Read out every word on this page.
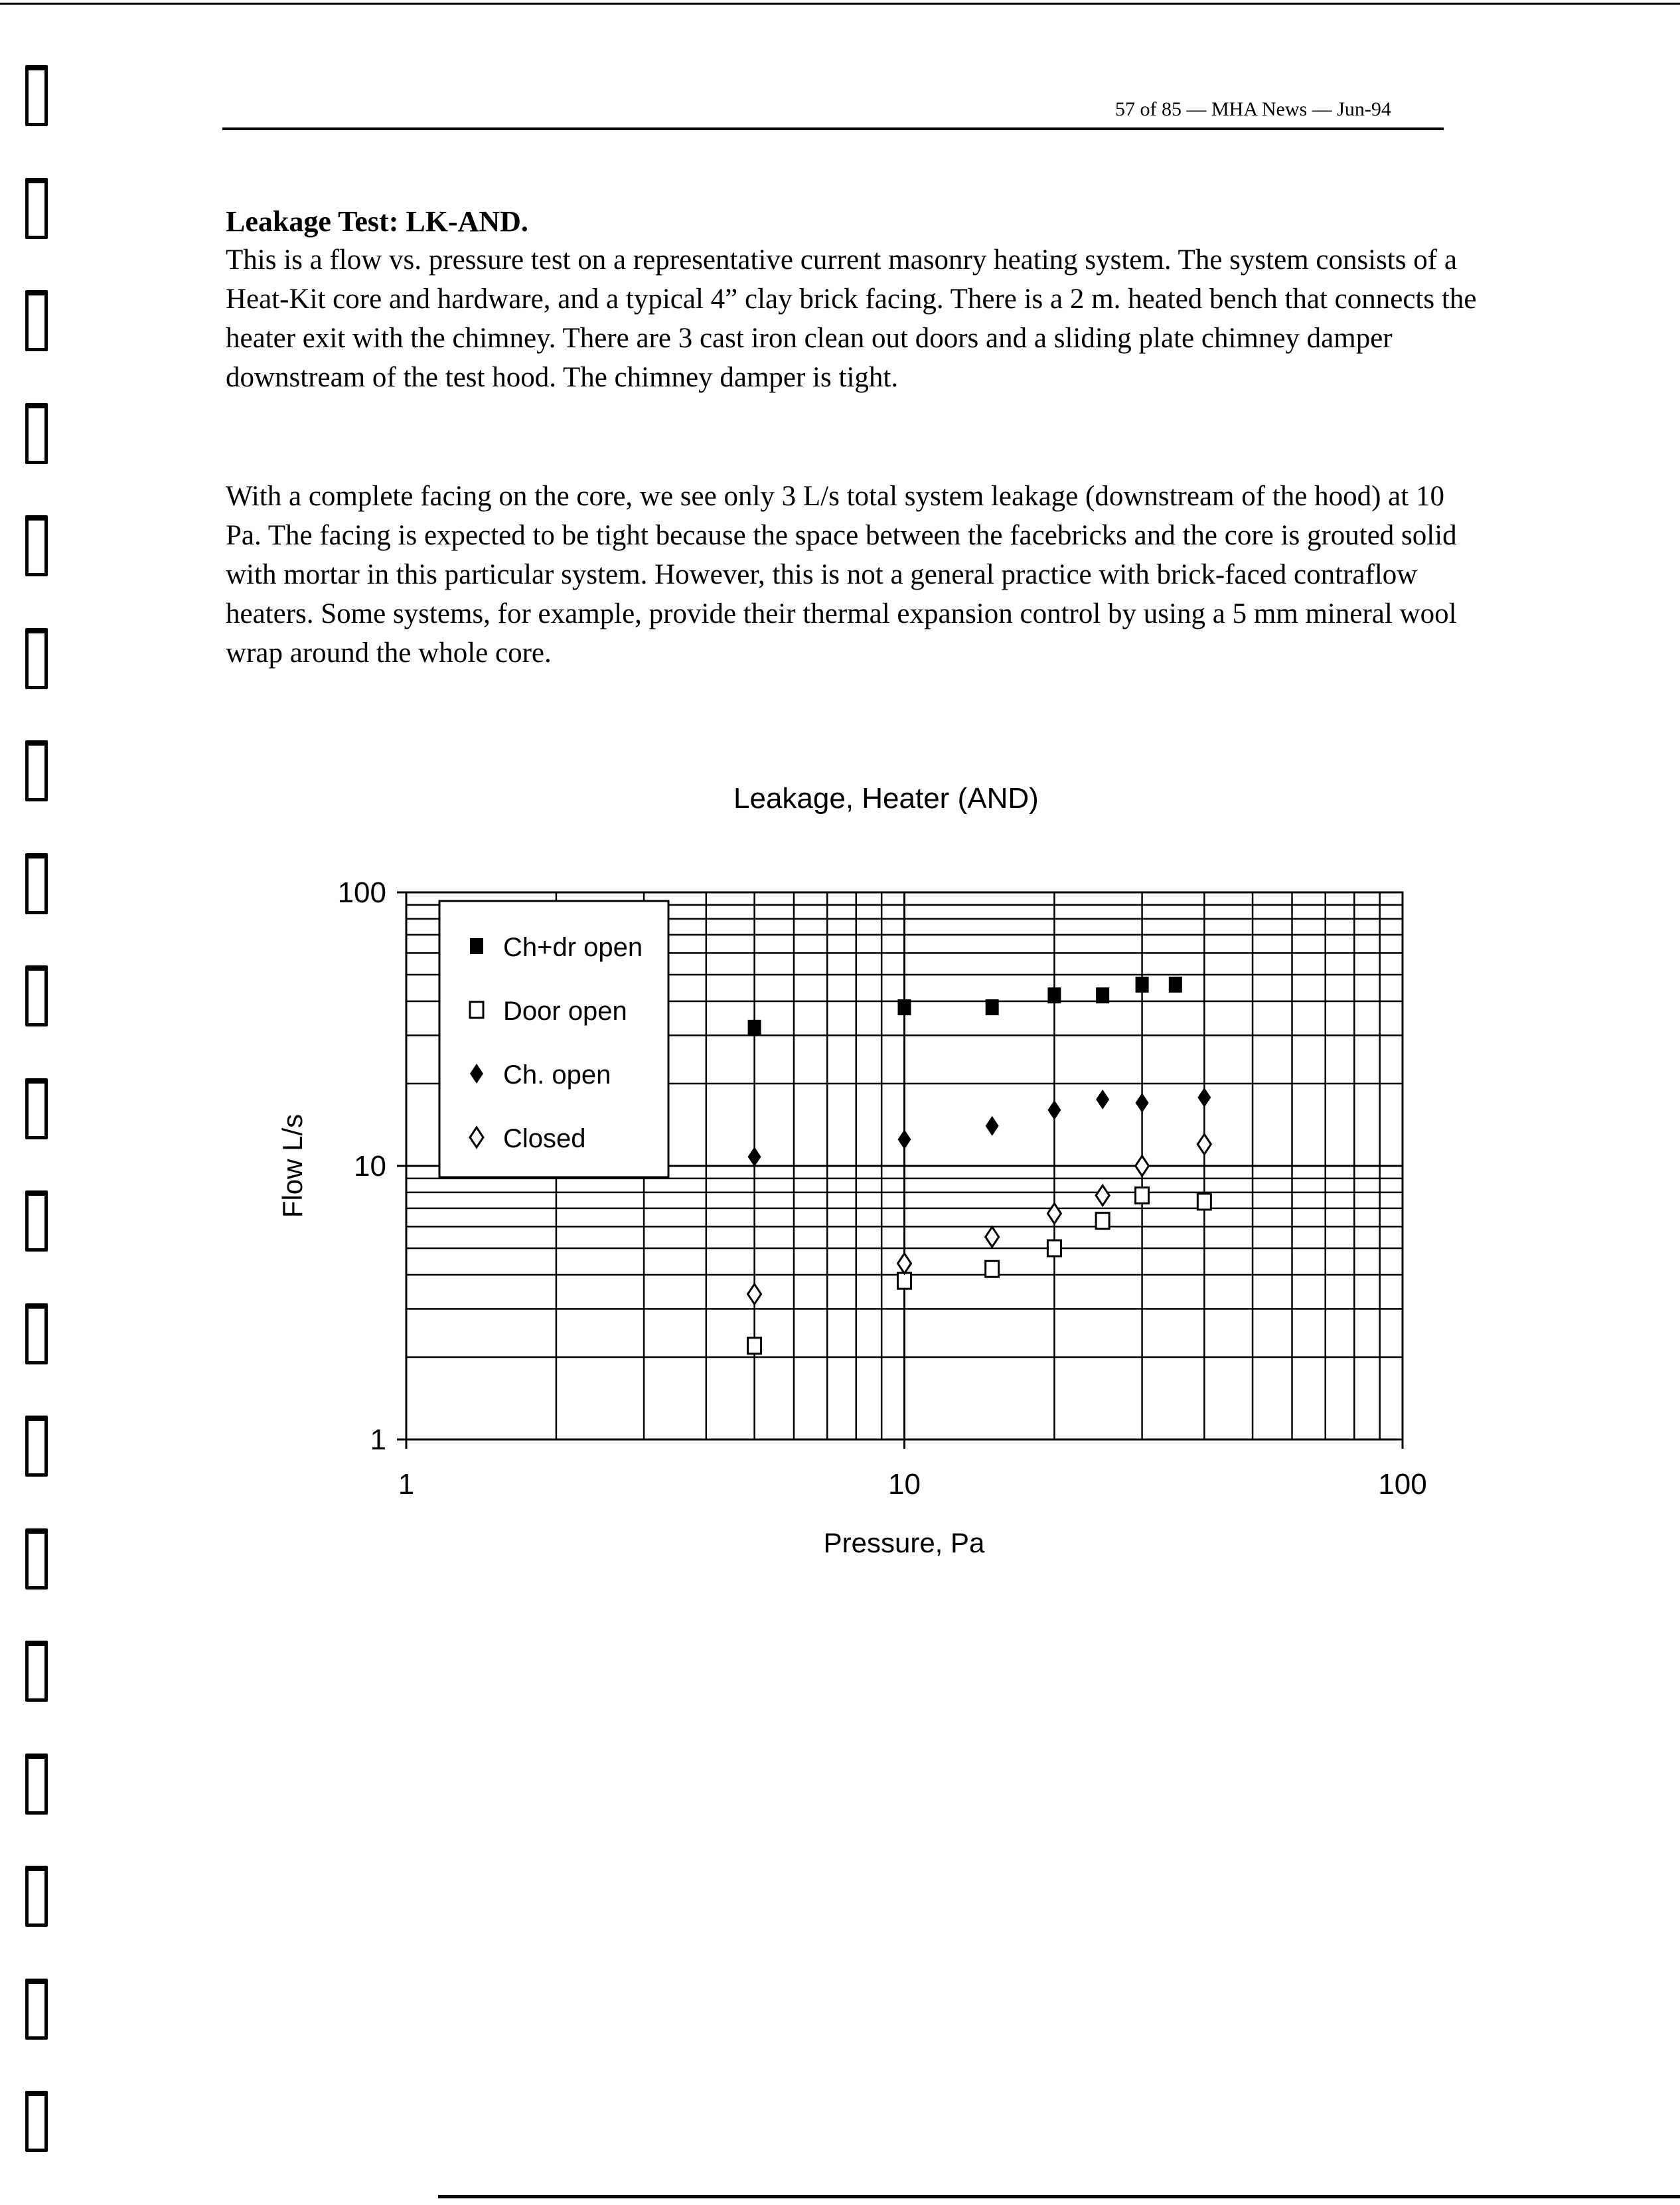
57 of 85 — MHA News — Jun-94
Leakage Test: LK-AND.
This is a flow vs. pressure test on a representative current masonry heating system. The system consists of a Heat-Kit core and hardware, and a typical 4” clay brick facing. There is a 2 m. heated bench that connects the heater exit with the chimney. There are 3 cast iron clean out doors and a sliding plate chimney damper downstream of the test hood. The chimney damper is tight.
With a complete facing on the core, we see only 3 L/s total system leakage (downstream of the hood) at 10 Pa. The facing is expected to be tight because the space between the facebricks and the core is grouted solid with mortar in this particular system. However, this is not a general practice with brick-faced contraflow heaters. Some systems, for example, provide their thermal expansion control by using a 5 mm mineral wool wrap around the whole core.
Leakage, Heater (AND)
Ch+dr open
Door open
Ch. open
Closed
1	10	100
1
10
100
Pressure, Pa
Flow L/s
